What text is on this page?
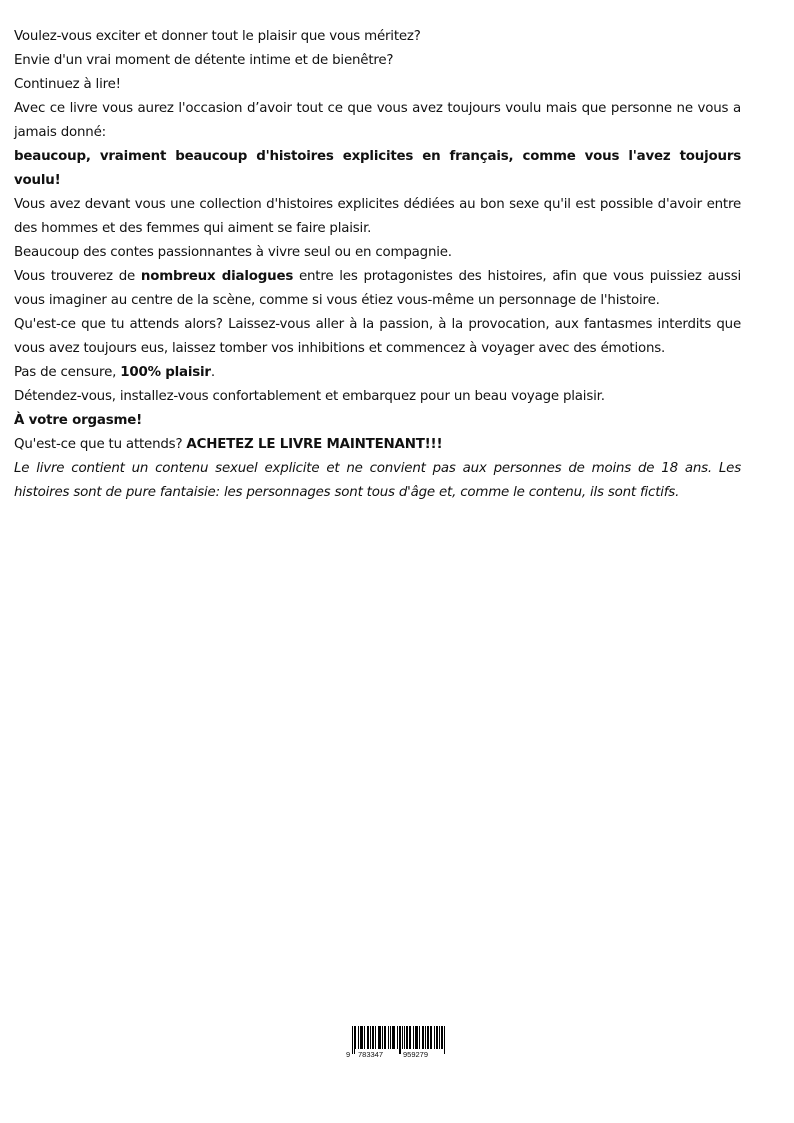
Voulez-vous exciter et donner tout le plaisir que vous méritez?

Envie d'un vrai moment de détente intime et de bienêtre?

Continuez à lire!

Avec ce livre vous aurez l'occasion d’avoir tout ce que vous avez toujours voulu mais que personne ne vous a jamais donné:

beaucoup, vraiment beaucoup d'histoires explicites en français, comme vous l'avez toujours voulu!

Vous avez devant vous une collection d'histoires explicites dédiées au bon sexe qu'il est possible d'avoir entre des hommes et des femmes qui aiment se faire plaisir.

Beaucoup des contes passionnantes à vivre seul ou en compagnie.

Vous trouverez de nombreux dialogues entre les protagonistes des histoires, afin que vous puissiez aussi vous imaginer au centre de la scène, comme si vous étiez vous-même un personnage de l'histoire.

Qu'est-ce que tu attends alors? Laissez-vous aller à la passion, à la provocation, aux fantasmes interdits que vous avez toujours eus, laissez tomber vos inhibitions et commencez à voyager avec des émotions.

Pas de censure, 100% plaisir.

Détendez-vous, installez-vous confortablement et embarquez pour un beau voyage plaisir.

À votre orgasme!

Qu'est-ce que tu attends? ACHETEZ LE LIVRE MAINTENANT!!!

Le livre contient un contenu sexuel explicite et ne convient pas aux personnes de moins de 18 ans. Les histoires sont de pure fantaisie: les personnages sont tous d'âge et, comme le contenu, ils sont fictifs.

9 783347	959279
